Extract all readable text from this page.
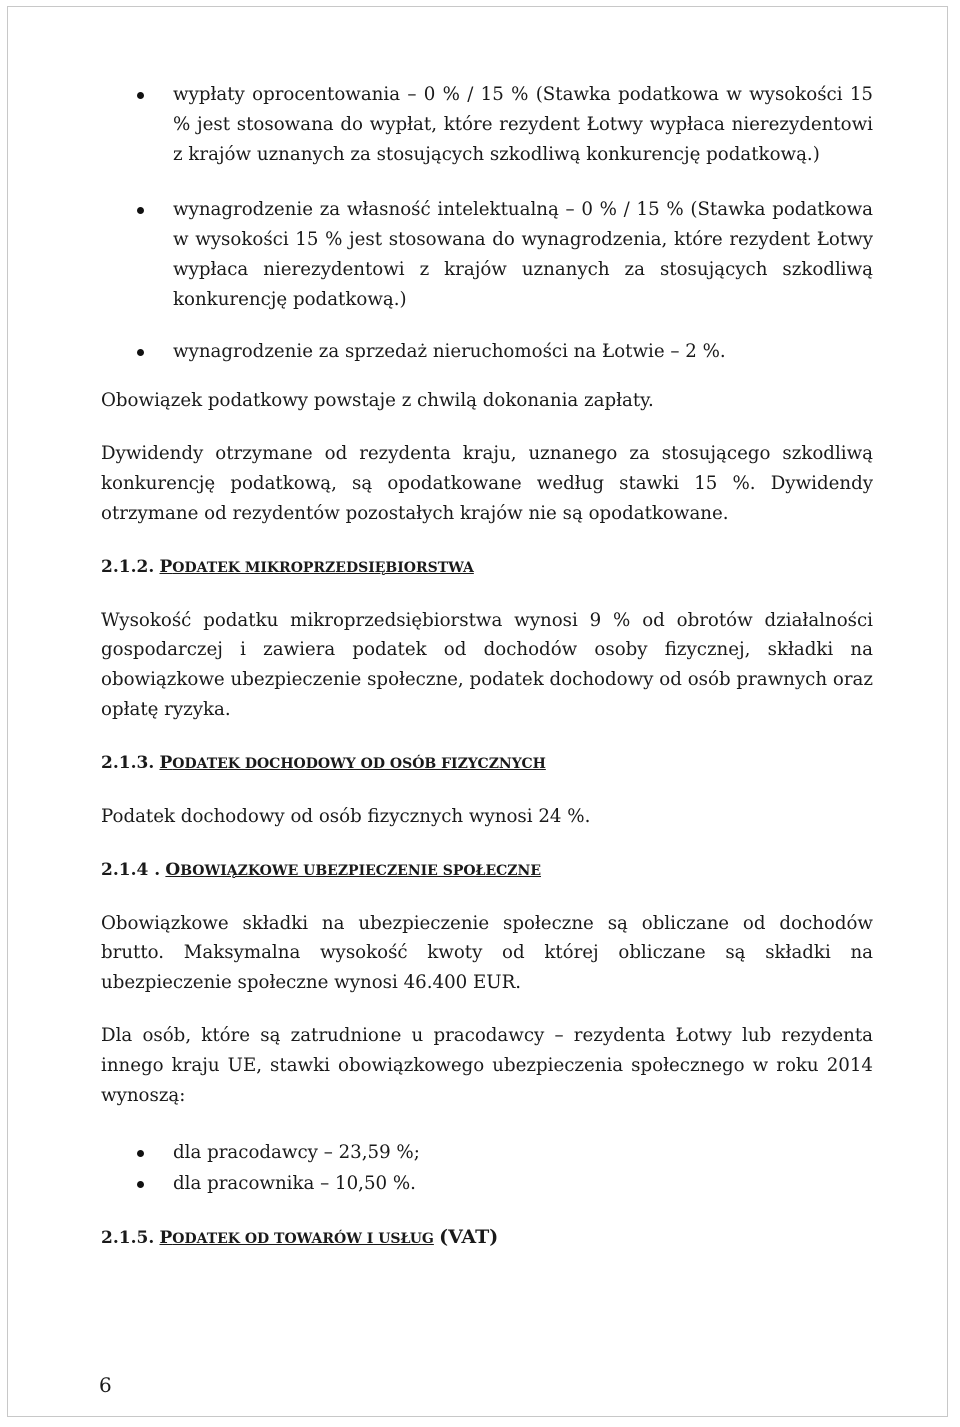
wypłaty oprocentowania – 0 % / 15 % (Stawka podatkowa w wysokości 15 % jest stosowana do wypłat, które rezydent Łotwy wypłaca nierezydentowi z krajów uznanych za stosujących szkodliwą konkurencję podatkową.)
wynagrodzenie za własność intelektualną – 0 % / 15 % (Stawka podatkowa w wysokości 15 % jest stosowana do wynagrodzenia, które rezydent Łotwy wypłaca nierezydentowi z krajów uznanych za stosujących szkodliwą konkurencję podatkową.)
wynagrodzenie za sprzedaż nieruchomości na Łotwie – 2 %.

Obowiązek podatkowy powstaje z chwilą dokonania zapłaty.

Dywidendy otrzymane od rezydenta kraju, uznanego za stosującego szkodliwą konkurencję podatkową, są opodatkowane według stawki 15 %. Dywidendy otrzymane od rezydentów pozostałych krajów nie są opodatkowane.

2.1.2. PODATEK MIKROPRZEDSIĘBIORSTWA

Wysokość podatku mikroprzedsiębiorstwa wynosi 9 % od obrotów działalności gospodarczej i zawiera podatek od dochodów osoby fizycznej, składki na obowiązkowe ubezpieczenie społeczne, podatek dochodowy od osób prawnych oraz opłatę ryzyka.

2.1.3. PODATEK DOCHODOWY OD OSÓB FIZYCZNYCH

Podatek dochodowy od osób fizycznych wynosi 24 %.

2.1.4 . OBOWIĄZKOWE UBEZPIECZENIE SPOŁECZNE

Obowiązkowe składki na ubezpieczenie społeczne są obliczane od dochodów brutto. Maksymalna wysokość kwoty od której obliczane są składki na ubezpieczenie społeczne wynosi 46.400 EUR.

Dla osób, które są zatrudnione u pracodawcy – rezydenta Łotwy lub rezydenta innego kraju UE, stawki obowiązkowego ubezpieczenia społecznego w roku 2014 wynoszą:

dla pracodawcy – 23,59 %;
dla pracownika – 10,50 %.
2.1.5. PODATEK OD TOWARÓW I USŁUG (VAT)
6
